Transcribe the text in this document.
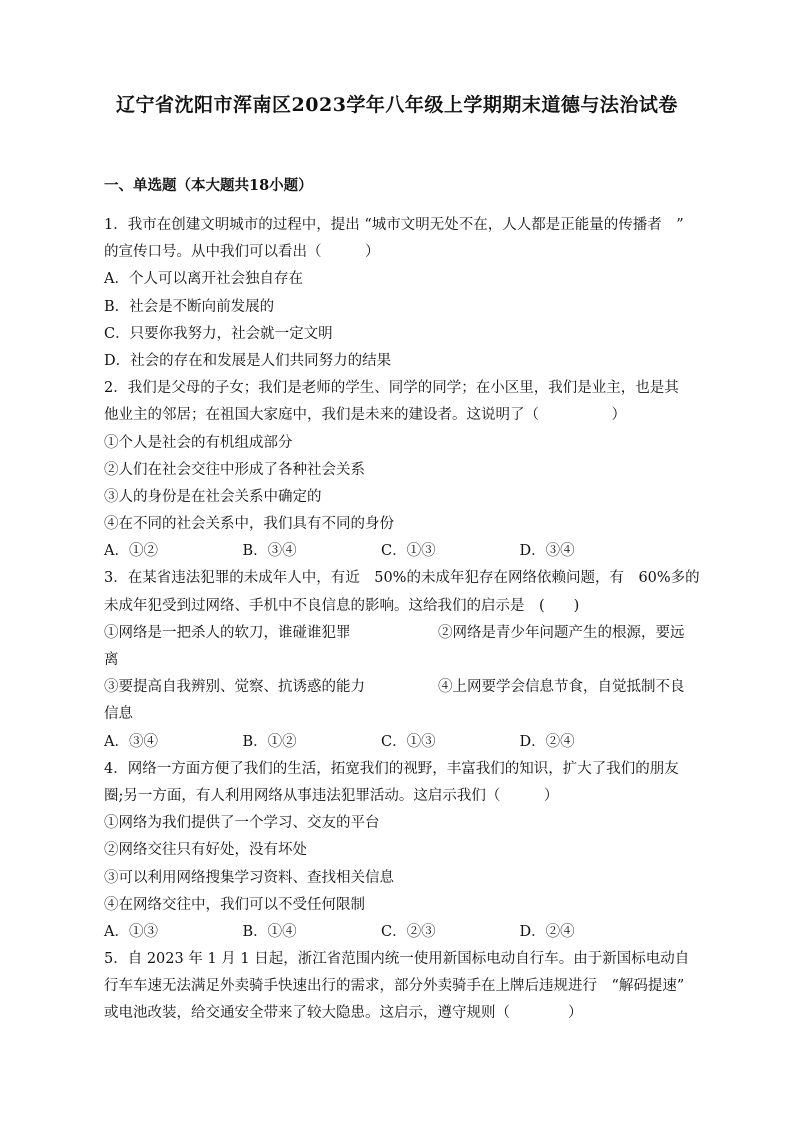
辽宁省沈阳市浑南区2023学年八年级上学期期末道德与法治试卷
一、单选题（本大题共18小题）
1．我市在创建文明城市的过程中，提出 “城市文明无处不在，人人都是正能量的传播者　”
的宣传口号。从中我们可以看出（　　　）
A．个人可以离开社会独自存在
B．社会是不断向前发展的
C．只要你我努力，社会就一定文明
D．社会的存在和发展是人们共同努力的结果
2．我们是父母的子女；我们是老师的学生、同学的同学；在小区里，我们是业主，也是其
他业主的邻居；在祖国大家庭中，我们是未来的建设者。这说明了（　　　　　）
①个人是社会的有机组成部分
②人们在社会交往中形成了各种社会关系
③人的身份是在社会关系中确定的
④在不同的社会关系中，我们具有不同的身份
A．①②	B．③④	C．①③	D．③④
3．在某省违法犯罪的未成年人中，有近　50%的未成年犯存在网络依赖问题，有　60%多的
未成年犯受到过网络、手机中不良信息的影响。这给我们的启示是　(　　)
①网络是一把杀人的软刀，谁碰谁犯罪	②网络是青少年问题产生的根源，要远
离
③要提高自我辨别、觉察、抗诱惑的能力	④上网要学会信息节食，自觉抵制不良
信息
A．③④	B．①②	C．①③	D．②④
4．网络一方面方便了我们的生活，拓宽我们的视野，丰富我们的知识，扩大了我们的朋友
圈;另一方面，有人利用网络从事违法犯罪活动。这启示我们（　　　）
①网络为我们提供了一个学习、交友的平台
②网络交往只有好处，没有坏处
③可以利用网络搜集学习资料、查找相关信息
④在网络交往中，我们可以不受任何限制
A．①③	B．①④	C．②③	D．②④
5．自 2023 年 1 月 1 日起，浙江省范围内统一使用新国标电动自行车。由于新国标电动自
行车车速无法满足外卖骑手快速出行的需求，部分外卖骑手在上牌后违规进行　“解码提速”
或电池改装，给交通安全带来了较大隐患。这启示，遵守规则（　　　　）
